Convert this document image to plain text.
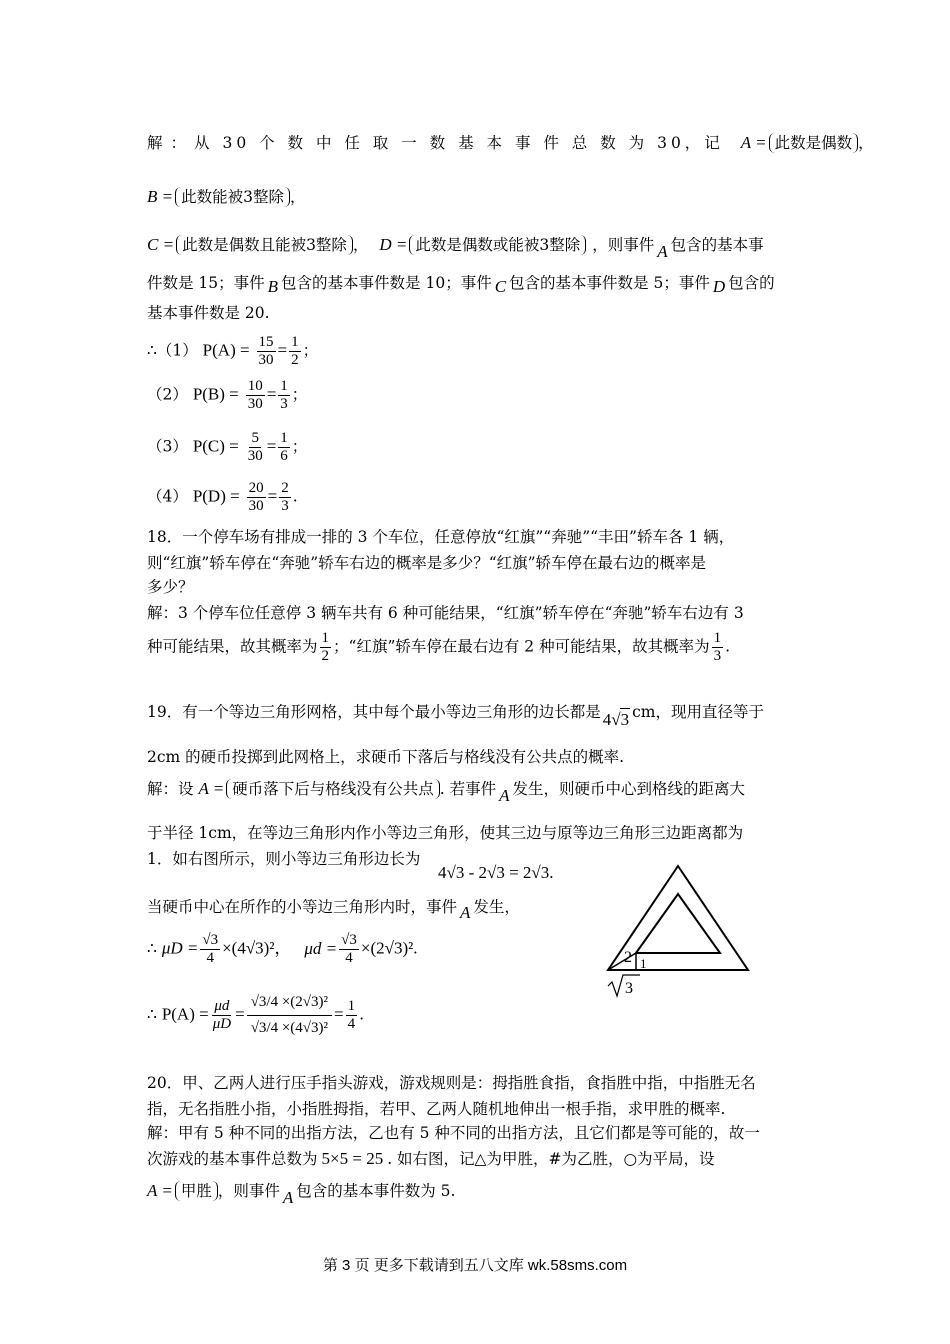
解：从 30 个 数 中 任 取 一 数 基 本 事 件 总 数 为 30，记 A = 此数是偶数 ，
B = 此数能被3整除 ，
C = 此数是偶数且能被3整除 ， D = 此数是偶数或能被3整除 ，则事件 A 包含的基本事
件数是 15；事件 B 包含的基本事件数是 10；事件 C 包含的基本事件数是 5；事件 D 包含的
基本事件数是 20.
∴（1） $P(A) = \frac{15}{30} = \frac{1}{2}$ ；
（2） $P(B) = \frac{10}{30} = \frac{1}{3}$ ；
（3） $P(C) = \frac{5}{30} = \frac{1}{6}$ ；
（4） $P(D) = \frac{20}{30} = \frac{2}{3}$ .
18．一个停车场有排成一排的 3 个车位，任意停放“红旗”“奔驰”“丰田”轿车各 1 辆，
则“红旗”轿车停在“奔驰”轿车右边的概率是多少？“红旗”轿车停在最右边的概率是
多少？
解：3 个停车位任意停 3 辆车共有 6 种可能结果，“红旗”轿车停在“奔驰”轿车右边有 3
种可能结果，故其概率为 $\frac{1}{2}$ ；“红旗”轿车停在最右边有 2 种可能结果，故其概率为 $\frac{1}{3}$ .
19．有一个等边三角形网格，其中每个最小等边三角形的边长都是 4√3 cm，现用直径等于
2cm 的硬币投掷到此网格上，求硬币下落后与格线没有公共点的概率.
解：设 A = 硬币落下后与格线没有公共点 . 若事件 A 发生，则硬币中心到格线的距离大
于半径 1cm，在等边三角形内作小等边三角形，使其三边与原等边三角形三边距离都为
1．如右图所示，则小等边三角形边长为
4√3 - 2√3 = 2√3.
当硬币中心在所作的小等边三角形内时，事件 A 发生，
∴ $\mu D = \frac{√3}{4} \times(4√3)^2$， $\mu d = \frac{√3}{4} \times(2√3)^2$.
∴ $P(A) = \frac{\mu d}{\mu D} = \frac{\text{√3/4 ×(2√3)²}}{\text{√3/4 ×(4√3)²}} = \frac{1}{4}$ .
2 1
3
20．甲、乙两人进行压手指头游戏，游戏规则是：拇指胜食指，食指胜中指，中指胜无名
指，无名指胜小指，小指胜拇指，若甲、乙两人随机地伸出一根手指，求甲胜的概率.
解：甲有 5 种不同的出指方法，乙也有 5 种不同的出指方法，且它们都是等可能的，故一
次游戏的基本事件总数为 5×5 = 25 . 如右图，记△为甲胜，#为乙胜，○为平局，设
A = 甲胜 ，则事件 A 包含的基本事件数为 5.
第 3 页 更多下载请到五八文库 wk.58sms.com
